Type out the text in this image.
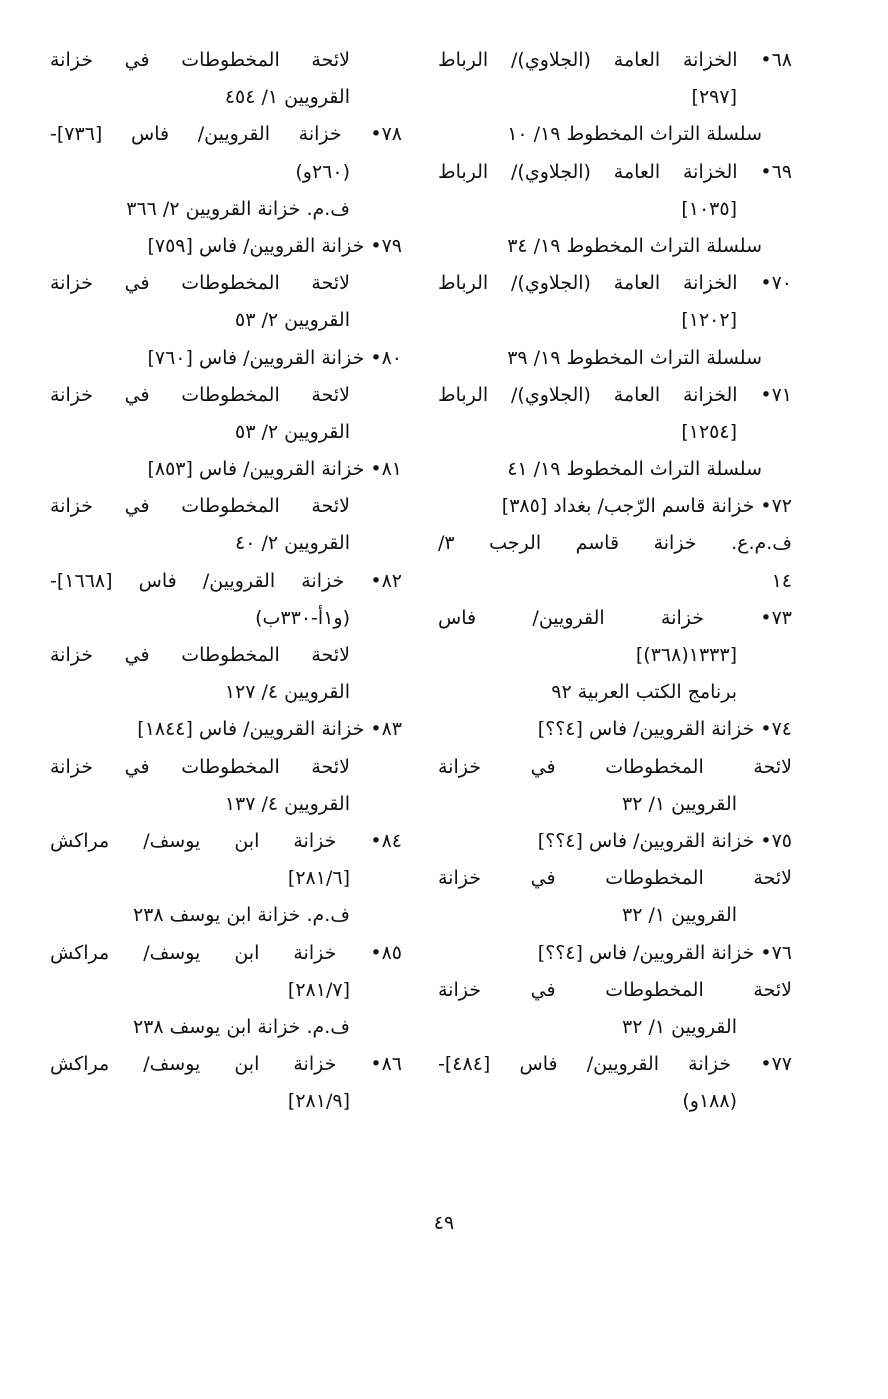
٦٨• الخزانة العامة (الجلاوي)/ الرباط
[٢٩٧]
سلسلة التراث المخطوط ١٩/ ١٠
٦٩• الخزانة العامة (الجلاوي)/ الرباط
[١٠٣٥]
سلسلة التراث المخطوط ١٩/ ٣٤
٧٠• الخزانة العامة (الجلاوي)/ الرباط
[١٢٠٢]
سلسلة التراث المخطوط ١٩/ ٣٩
٧١• الخزانة العامة (الجلاوي)/ الرباط
[١٢٥٤]
سلسلة التراث المخطوط ١٩/ ٤١
٧٢• خزانة قاسم الرّجب/ بغداد [٣٨٥]
ف.م.ع. خزانة قاسم الرجب ٣/
١٤
٧٣• خزانة القرويين/ فاس
[١٣٣٣(٣٦٨)]
برنامج الكتب العربية ٩٢
٧٤• خزانة القرويين/ فاس [٤؟؟]
لائحة المخطوطات في خزانة
القرويين ١/ ٣٢
٧٥• خزانة القرويين/ فاس [٤؟؟]
لائحة المخطوطات في خزانة
القرويين ١/ ٣٢
٧٦• خزانة القرويين/ فاس [٤؟؟]
لائحة المخطوطات في خزانة
القرويين ١/ ٣٢
٧٧• خزانة القرويين/ فاس [٤٨٤]-
(١٨٨و)
لائحة المخطوطات في خزانة
القرويين ١/ ٤٥٤
٧٨• خزانة القرويين/ فاس [٧٣٦]-
(٢٦٠و)
ف.م. خزانة القرويين ٢/ ٣٦٦
٧٩• خزانة القرويين/ فاس [٧٥٩]
لائحة المخطوطات في خزانة
القرويين ٢/ ٥٣
٨٠• خزانة القرويين/ فاس [٧٦٠]
لائحة المخطوطات في خزانة
القرويين ٢/ ٥٣
٨١• خزانة القرويين/ فاس [٨٥٣]
لائحة المخطوطات في خزانة
القرويين ٢/ ٤٠
٨٢• خزانة القرويين/ فاس [١٦٦٨]-
(و١أ-٣٣٠ب)
لائحة المخطوطات في خزانة
القرويين ٤/ ١٢٧
٨٣• خزانة القرويين/ فاس [١٨٤٤]
لائحة المخطوطات في خزانة
القرويين ٤/ ١٣٧
٨٤• خزانة ابن يوسف/ مراكش
[٢٨١/٦]
ف.م. خزانة ابن يوسف ٢٣٨
٨٥• خزانة ابن يوسف/ مراكش
[٢٨١/٧]
ف.م. خزانة ابن يوسف ٢٣٨
٨٦• خزانة ابن يوسف/ مراكش
[٢٨١/٩]
٤٩
